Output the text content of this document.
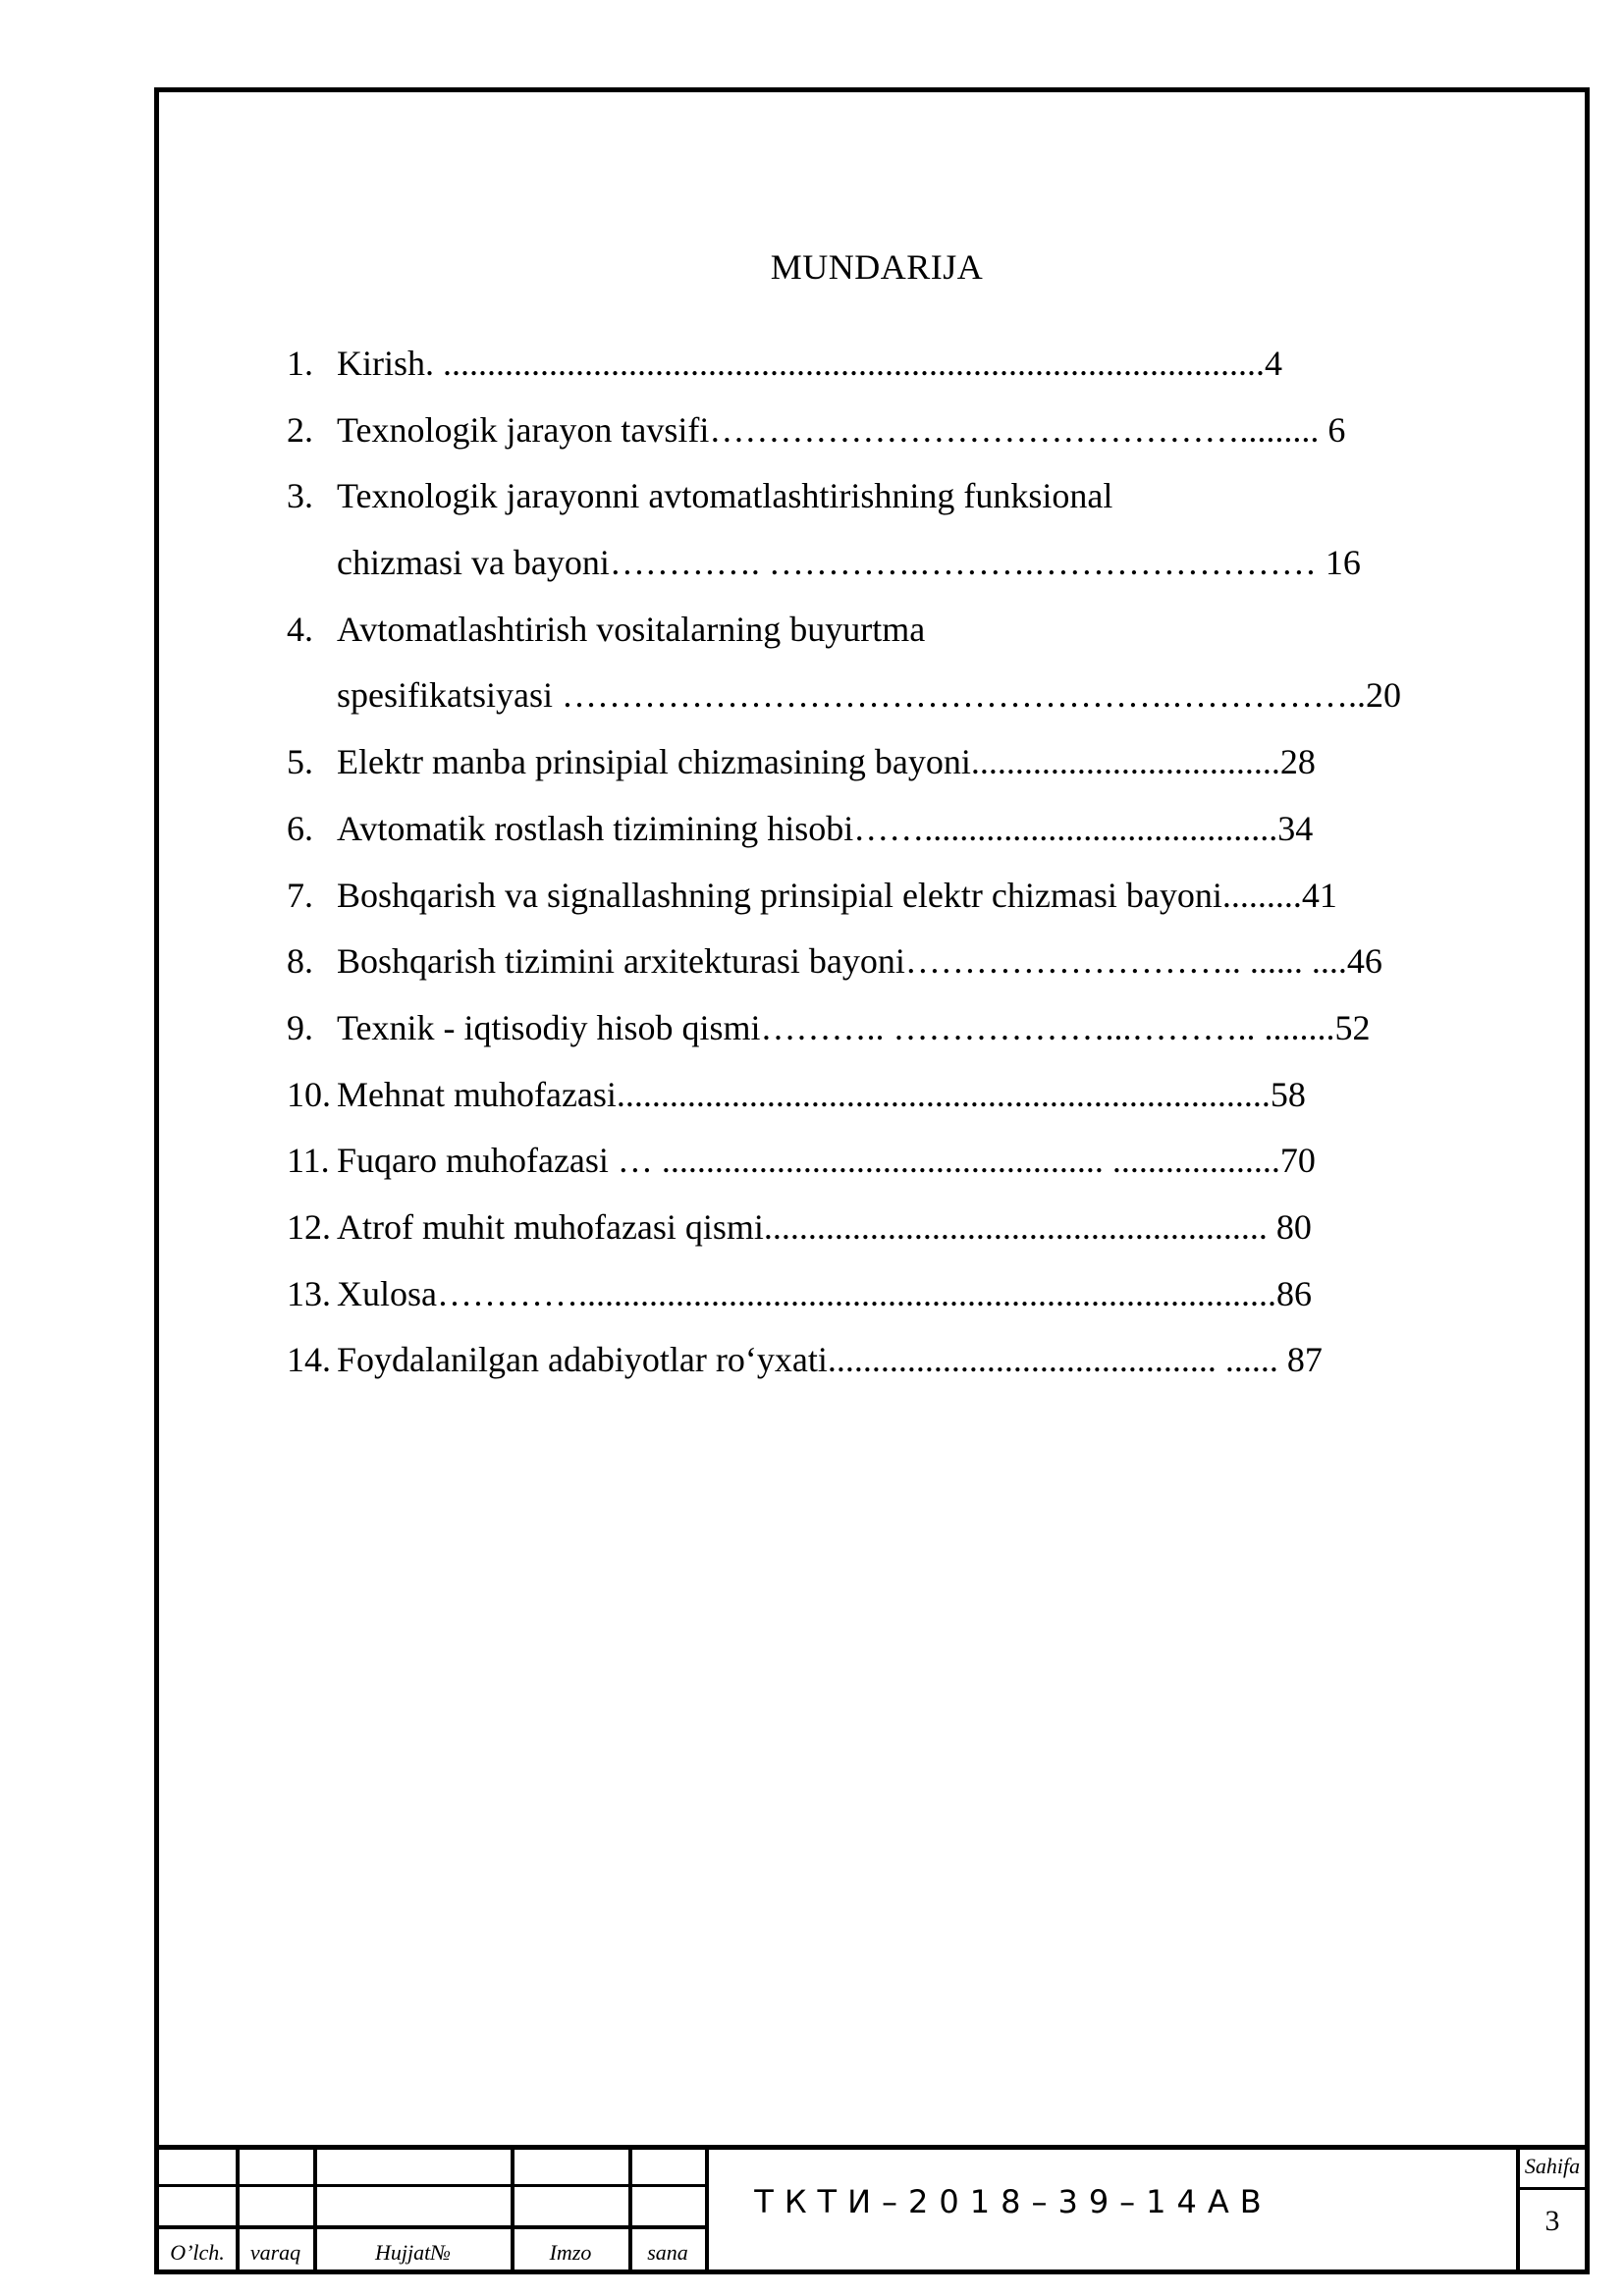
MUNDARIJA
1. Kirish. .............................................................................................4
2. Texnologik jarayon tavsifi………………………………………......... 6
3. Texnologik jarayonni avtomatlashtirishning funksional
chizmasi va bayoni…………. ………….……….…………………… 16
4. Avtomatlashtirish vositalarning buyurtma
spesifikatsiyasi …………………………………………….……………..20
5. Elektr manba prinsipial chizmasining bayoni...................................28
6. Avtomatik rostlash tizimining hisobi……........................................34
7. Boshqarish va signallashning prinsipial elektr chizmasi bayoni.........41
8. Boshqarish tizimini arxitekturasi bayoni……………………….. ...... ....46
9. Texnik - iqtisodiy hisob qismi……….. ………………...……….. ........52
10. Mehnat muhofazasi..........................................................................58
11. Fuqaro muhofazasi … .................................................. ...................70
12. Atrof muhit muhofazasi qismi......................................................... 80
13. Xulosa…………...............................................................................86
14. Foydalanilgan adabiyotlar ro‘yxati............................................ ...... 87
O’lch.	varaq	Hujjat№	Imzo	sana
ТКТИ–2018–39–14АВ
Sahifa
3
